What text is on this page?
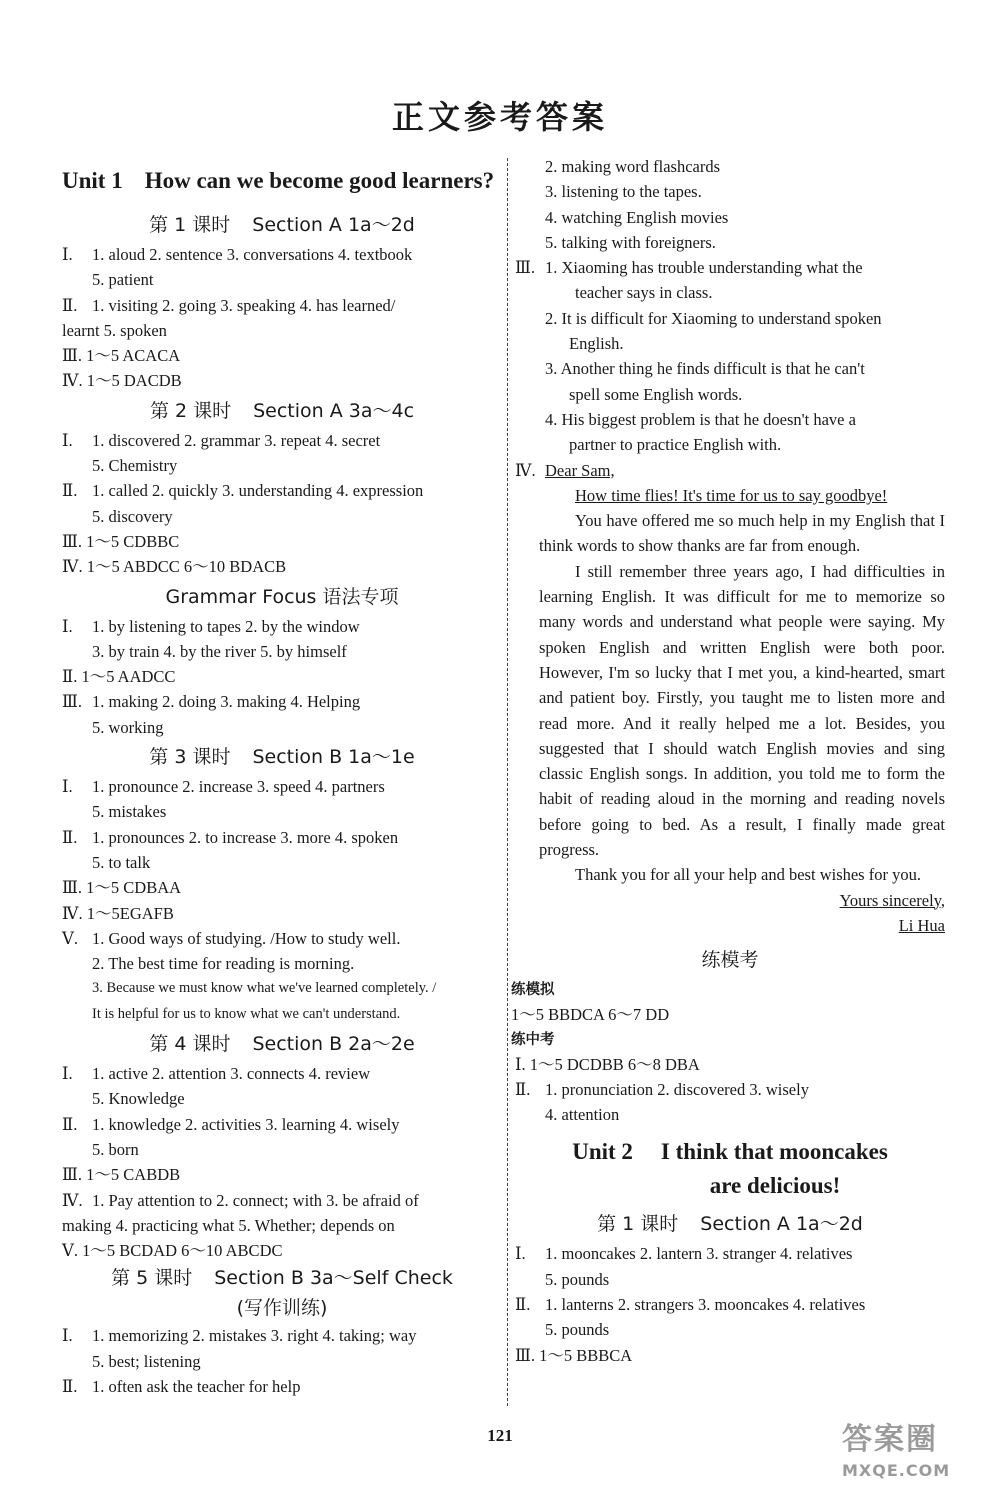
正文参考答案
Unit 1 How can we become good learners?
第 1 课时 Section A 1a～2d
Ⅰ. 1. aloud 2. sentence 3. conversations 4. textbook
5. patient
Ⅱ. 1. visiting 2. going 3. speaking 4. has learned/
learnt 5. spoken
Ⅲ. 1～5 ACACA
Ⅳ. 1～5 DACDB
第 2 课时 Section A 3a～4c
Ⅰ. 1. discovered 2. grammar 3. repeat 4. secret
5. Chemistry
Ⅱ. 1. called 2. quickly 3. understanding 4. expression
5. discovery
Ⅲ. 1～5 CDBBC
Ⅳ. 1～5 ABDCC 6～10 BDACB
Grammar Focus 语法专项
Ⅰ. 1. by listening to tapes 2. by the window
3. by train 4. by the river 5. by himself
Ⅱ. 1～5 AADCC
Ⅲ. 1. making 2. doing 3. making 4. Helping
5. working
第 3 课时 Section B 1a～1e
Ⅰ. 1. pronounce 2. increase 3. speed 4. partners
5. mistakes
Ⅱ. 1. pronounces 2. to increase 3. more 4. spoken
5. to talk
Ⅲ. 1～5 CDBAA
Ⅳ. 1～5EGAFB
Ⅴ. 1. Good ways of studying. /How to study well.
2. The best time for reading is morning.
3. Because we must know what we've learned completely. /
It is helpful for us to know what we can't understand.
第 4 课时 Section B 2a～2e
Ⅰ. 1. active 2. attention 3. connects 4. review
5. Knowledge
Ⅱ. 1. knowledge 2. activities 3. learning 4. wisely
5. born
Ⅲ. 1～5 CABDB
Ⅳ. 1. Pay attention to 2. connect; with 3. be afraid of
making 4. practicing what 5. Whether; depends on
Ⅴ. 1～5 BCDAD 6～10 ABCDC
第 5 课时 Section B 3a～Self Check
(写作训练)
Ⅰ. 1. memorizing 2. mistakes 3. right 4. taking; way
5. best; listening
Ⅱ. 1. often ask the teacher for help
2. making word flashcards
3. listening to the tapes.
4. watching English movies
5. talking with foreigners.
Ⅲ. 1. Xiaoming has trouble understanding what the
teacher says in class.
2. It is difficult for Xiaoming to understand spoken
English.
3. Another thing he finds difficult is that he can't
spell some English words.
4. His biggest problem is that he doesn't have a
partner to practice English with.
Ⅳ. Dear Sam,
How time flies! It's time for us to say goodbye!
You have offered me so much help in my English that I think words to show thanks are far from enough.
I still remember three years ago, I had difficulties in learning English. It was difficult for me to memorize so many words and understand what people were saying. My spoken English and written English were both poor. However, I'm so lucky that I met you, a kind-hearted, smart and patient boy. Firstly, you taught me to listen more and read more. And it really helped me a lot. Besides, you suggested that I should watch English movies and sing classic English songs. In addition, you told me to form the habit of reading aloud in the morning and reading novels before going to bed. As a result, I finally made great progress.
Thank you for all your help and best wishes for you.
Yours sincerely,
Li Hua
练模考
练模拟
1～5 BBDCA 6～7 DD
练中考
Ⅰ. 1～5 DCDBB 6～8 DBA
Ⅱ. 1. pronunciation 2. discovered 3. wisely
4. attention
Unit 2 I think that mooncakes
are delicious!
第 1 课时 Section A 1a～2d
Ⅰ. 1. mooncakes 2. lantern 3. stranger 4. relatives
5. pounds
Ⅱ. 1. lanterns 2. strangers 3. mooncakes 4. relatives
5. pounds
Ⅲ. 1～5 BBBCA
121	答案圈
MXQE.COM
